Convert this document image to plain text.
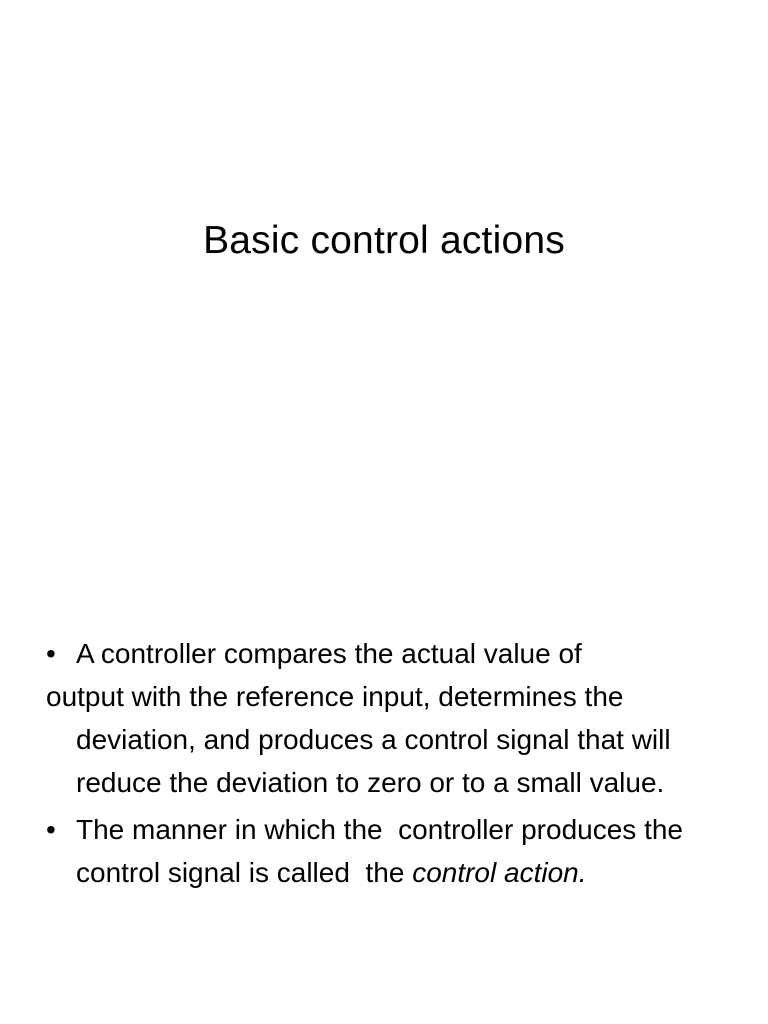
Basic control actions
• A controller compares the actual value of
output with the reference input, determines the deviation, and produces a control signal that will reduce the deviation to zero or to a small value.
• The manner in which the  controller produces the control signal is called  the control action.
